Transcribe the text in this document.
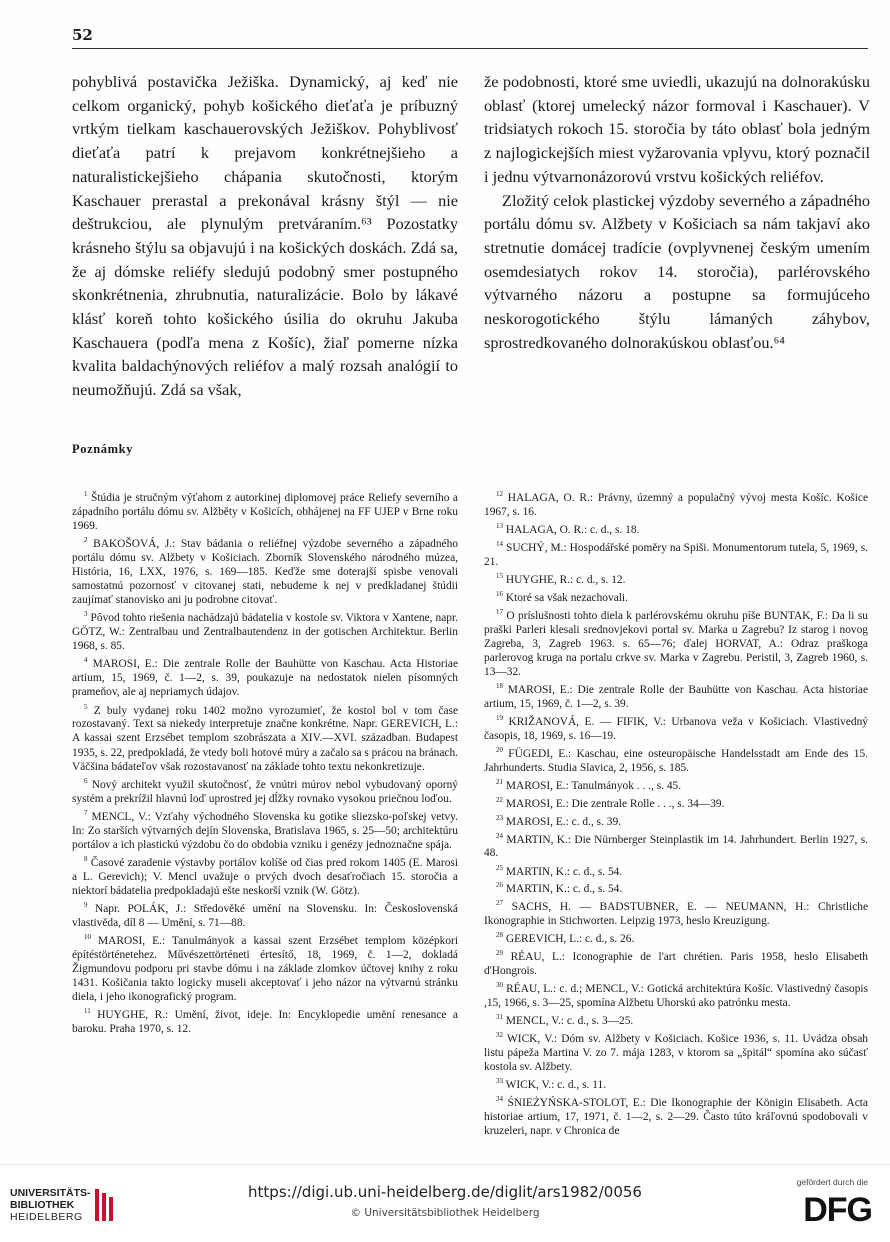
52

pohyblivá postavička Ježiška. Dynamický, aj keď nie celkom organický, pohyb košického dieťaťa je príbuzný vrtkým tielkam kaschauerovských Ježiškov. Pohyblivosť dieťaťa patrí k prejavom konkrétnejšieho a naturalistickejšieho chápania skutočnosti, ktorým Kaschauer prerastal a prekonával krásny štýl — nie deštrukciou, ale plynulým pretváraním.⁶³ Pozostatky krásneho štýlu sa objavujú i na košických doskách. Zdá sa, že aj dómske reliéfy sledujú podobný smer postupného skonkrétnenia, zhrubnutia, naturalizácie. Bolo by lákavé klásť koreň tohto košického úsilia do okruhu Jakuba Kaschauera (podľa mena z Košíc), žiaľ pomerne nízka kvalita baldachýnových reliéfov a malý rozsah analógií to neumožňujú. Zdá sa však,

že podobnosti, ktoré sme uviedli, ukazujú na dolnorakúsku oblasť (ktorej umelecký názor formoval i Kaschauer). V tridsiatych rokoch 15. storočia by táto oblasť bola jedným z najlogickejších miest vyžarovania vplyvu, ktorý poznačil i jednu výtvarnonázorovú vrstvu košických reliéfov.

Zložitý celok plastickej výzdoby severného a západného portálu dómu sv. Alžbety v Košiciach sa nám takjaví ako stretnutie domácej tradície (ovplyvnenej českým umením osemdesiatych rokov 14. storočia), parlérovského výtvarného názoru a postupne sa formujúceho neskorogotického štýlu lámaných záhybov, sprostredkovaného dolnorakúskou oblasťou.⁶⁴

Poznámky

$^1$ Štúdia je stručným výťahom z autorkinej diplomovej práce Reliefy severního a západního portálu dómu sv. Alžběty v Košicích, obhájenej na FF UJEP v Brne roku 1969.

$^2$ BAKOŠOVÁ, J.: Stav bádania o reliéfnej výzdobe severného a západného portálu dómu sv. Alžbety v Košiciach. Zborník Slovenského národného múzea, História, 16, LXX, 1976, s. 169—185. Keďže sme doterajší spisbe venovali samostatnú pozornosť v citovanej stati, nebudeme k nej v predkladanej štúdii zaujímať stanovisko ani ju podrobne citovať.

$^3$ Pôvod tohto riešenia nachádzajú bádatelia v kostole sv. Viktora v Xantene, napr. GÖTZ, W.: Zentralbau und Zentralbautendenz in der gotischen Architektur. Berlin 1968, s. 85.

$^4$ MAROSI, E.: Die zentrale Rolle der Bauhütte von Kaschau. Acta Historiae artium, 15, 1969, č. 1—2, s. 39, poukazuje na nedostatok nielen písomných prameňov, ale aj nepriamych údajov.

$^5$ Z buly vydanej roku 1402 možno vyrozumieť, že kostol bol v tom čase rozostavaný. Text sa niekedy interpretuje značne konkrétne. Napr. GEREVICH, L.: A kassai szent Erzsébet templom szobrászata a XIV.—XVI. században. Budapest 1935, s. 22, predpokladá, že vtedy boli hotové múry a začalo sa s prácou na bránach. Väčšina bádateľov však rozostavanosť na základe tohto textu nekonkretizuje.

$^6$ Nový architekt využil skutočnosť, že vnútri múrov nebol vybudovaný oporný systém a prekrížil hlavnú loď uprostred jej dĺžky rovnako vysokou priečnou loďou.

$^7$ MENCL, V.: Vzťahy východného Slovenska ku gotike sliezsko-poľskej vetvy. In: Zo starších výtvarných dejín Slovenska, Bratislava 1965, s. 25—50; architektúru portálov a ich plastickú výzdobu čo do obdobia vzniku i genézy jednoznačne spája.

$^8$ Časové zaradenie výstavby portálov kolíše od čias pred rokom 1405 (E. Marosi a L. Gerevich); V. Mencl uvažuje o prvých dvoch desaťročiach 15. storočia a niektorí bádatelia predpokladajú ešte neskorší vznik (W. Götz).

$^9$ Napr. POLÁK, J.: Středověké umění na Slovensku. In: Československá vlastivěda, díl 8 — Umění, s. 71—88.

$^{10}$ MAROSI, E.: Tanulmányok a kassai szent Erzsébet templom középkori építéstörténetehez. Művészettörténeti értesítő, 18, 1969, č. 1—2, dokladá Žigmundovu podporu pri stavbe dómu i na základe zlomkov účtovej knihy z roku 1431. Košičania takto logicky museli akceptovať i jeho názor na výtvarnú stránku diela, i jeho ikonografický program.

$^{11}$ HUYGHE, R.: Umění, život, ideje. In: Encyklopedie umění renesance a baroku. Praha 1970, s. 12.

$^{12}$ HALAGA, O. R.: Právny, územný a populačný vývoj mesta Košíc. Košice 1967, s. 16.

$^{13}$ HALAGA, O. R.: c. d., s. 18.

$^{14}$ SUCHÝ, M.: Hospodářské poměry na Spiši. Monumentorum tutela, 5, 1969, s. 21.

$^{15}$ HUYGHE, R.: c. d., s. 12.

$^{16}$ Ktoré sa však nezachovali.

$^{17}$ O príslušnosti tohto diela k parlérovskému okruhu píše BUNTAK, F.: Da li su praški Parleri klesali srednovjekovi portal sv. Marka u Zagrebu? Iz starog i novog Zagreba, 3, Zagreb 1963. s. 65—76; ďalej HORVAT, A.: Odraz praškoga parlerovog kruga na portalu crkve sv. Marka v Zagrebu. Peristil, 3, Zagreb 1960, s. 13—32.

$^{18}$ MAROSI, E.: Die zentrale Rolle der Bauhütte von Kaschau. Acta historiae artium, 15, 1969, č. 1—2, s. 39.

$^{19}$ KRIŽANOVÁ, E. — FIFIK, V.: Urbanova veža v Košiciach. Vlastivedný časopis, 18, 1969, s. 16—19.

$^{20}$ FÜGEDI, E.: Kaschau, eine osteuropäische Handelsstadt am Ende des 15. Jahrhunderts. Studia Slavica, 2, 1956, s. 185.

$^{21}$ MAROSI, E.: Tanulmányok . . ., s. 45.

$^{22}$ MAROSI, E.: Die zentrale Rolle . . ., s. 34—39.

$^{23}$ MAROSI, E.: c. d., s. 39.

$^{24}$ MARTIN, K.: Die Nürnberger Steinplastik im 14. Jahrhundert. Berlin 1927, s. 48.

$^{25}$ MARTIN, K.: c. d., s. 54.

$^{26}$ MARTIN, K.: c. d., s. 54.

$^{27}$ SACHS, H. — BADSTUBNER, E. — NEUMANN, H.: Christliche Ikonographie in Stichworten. Leipzig 1973, heslo Kreuzigung.

$^{28}$ GEREVICH, L.: c. d., s. 26.

$^{29}$ RÉAU, L.: Iconographie de l'art chrétien. Paris 1958, heslo Elisabeth d'Hongrois.

$^{30}$ RÉAU, L.: c. d.; MENCL, V.: Gotická architektúra Košíc. Vlastivedný časopis ,15, 1966, s. 3—25, spomína Alžbetu Uhorskú ako patrónku mesta.

$^{31}$ MENCL, V.: c. d., s. 3—25.

$^{32}$ WICK, V.: Dóm sv. Alžbety v Košiciach. Košice 1936, s. 11. Uvádza obsah listu pápeža Martina V. zo 7. mája 1283, v ktorom sa „špitál“ spomína ako súčasť kostola sv. Alžbety.

$^{33}$ WICK, V.: c. d., s. 11.

$^{34}$ ŚNIEŻYŃSKA-STOLOT, E.: Die Ikonographie der Königin Elisabeth. Acta historiae artium, 17, 1971, č. 1—2, s. 2—29. Často túto kráľovnú spodobovali v kruzeleri, napr. v Chronica de

UNIVERSITÄTS-
BIBLIOTHEK
HEIDELBERG
https://digi.ub.uni-heidelberg.de/diglit/ars1982/0056
© Universitätsbibliothek Heidelberg
gefördert durch die
DFG
